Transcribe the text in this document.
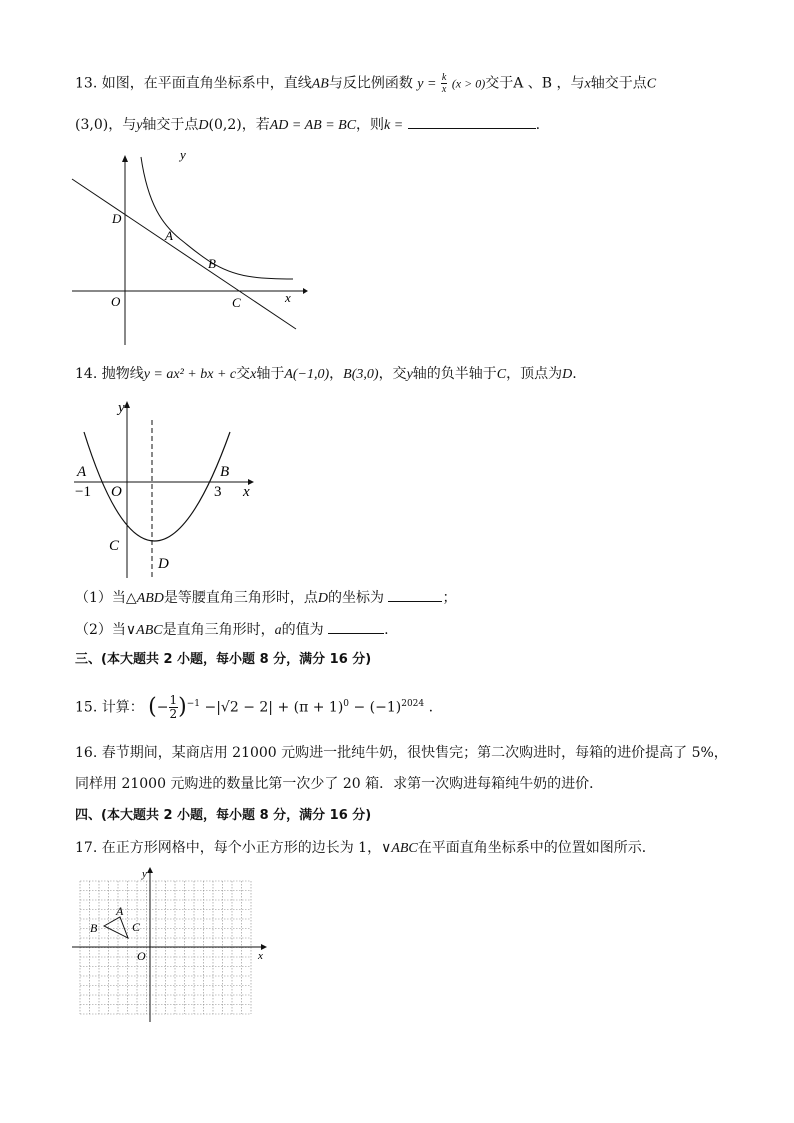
13. 如图，在平面直角坐标系中，直线AB与反比例函数 $y = \frac{k}{x} (x > 0)$交于A 、B ，与x轴交于点C
(3,0)，与y轴交于点D(0,2)，若AD = AB = BC，则k =	.
y
D
A
B
O	C	x
14. 抛物线y = ax² + bx + c交x轴于A(−1,0)，B(3,0)，交y轴的负半轴于C，顶点为D.
y
A	B
−1 O	3 x
C
D
（1）当△ABD是等腰直角三角形时，点D的坐标为	；
（2）当∨ABC是直角三角形时，a的值为	.
三、(本大题共 2 小题，每小题 8 分，满分 16 分)
15. 计算： (− $\frac{1}{2} )^{-1} -|√2 - 2| + (\pi + 1)^0 - (-1)^{2024}$ .
16. 春节期间，某商店用 21000 元购进一批纯牛奶，很快售完；第二次购进时，每箱的进价提高了 5%，
同样用 21000 元购进的数量比第一次少了 20 箱．求第一次购进每箱纯牛奶的进价．
四、(本大题共 2 小题，每小题 8 分，满分 16 分)
17. 在正方形网格中，每个小正方形的边长为 1，∨ABC在平面直角坐标系中的位置如图所示．
y
x
O
A
B	C
